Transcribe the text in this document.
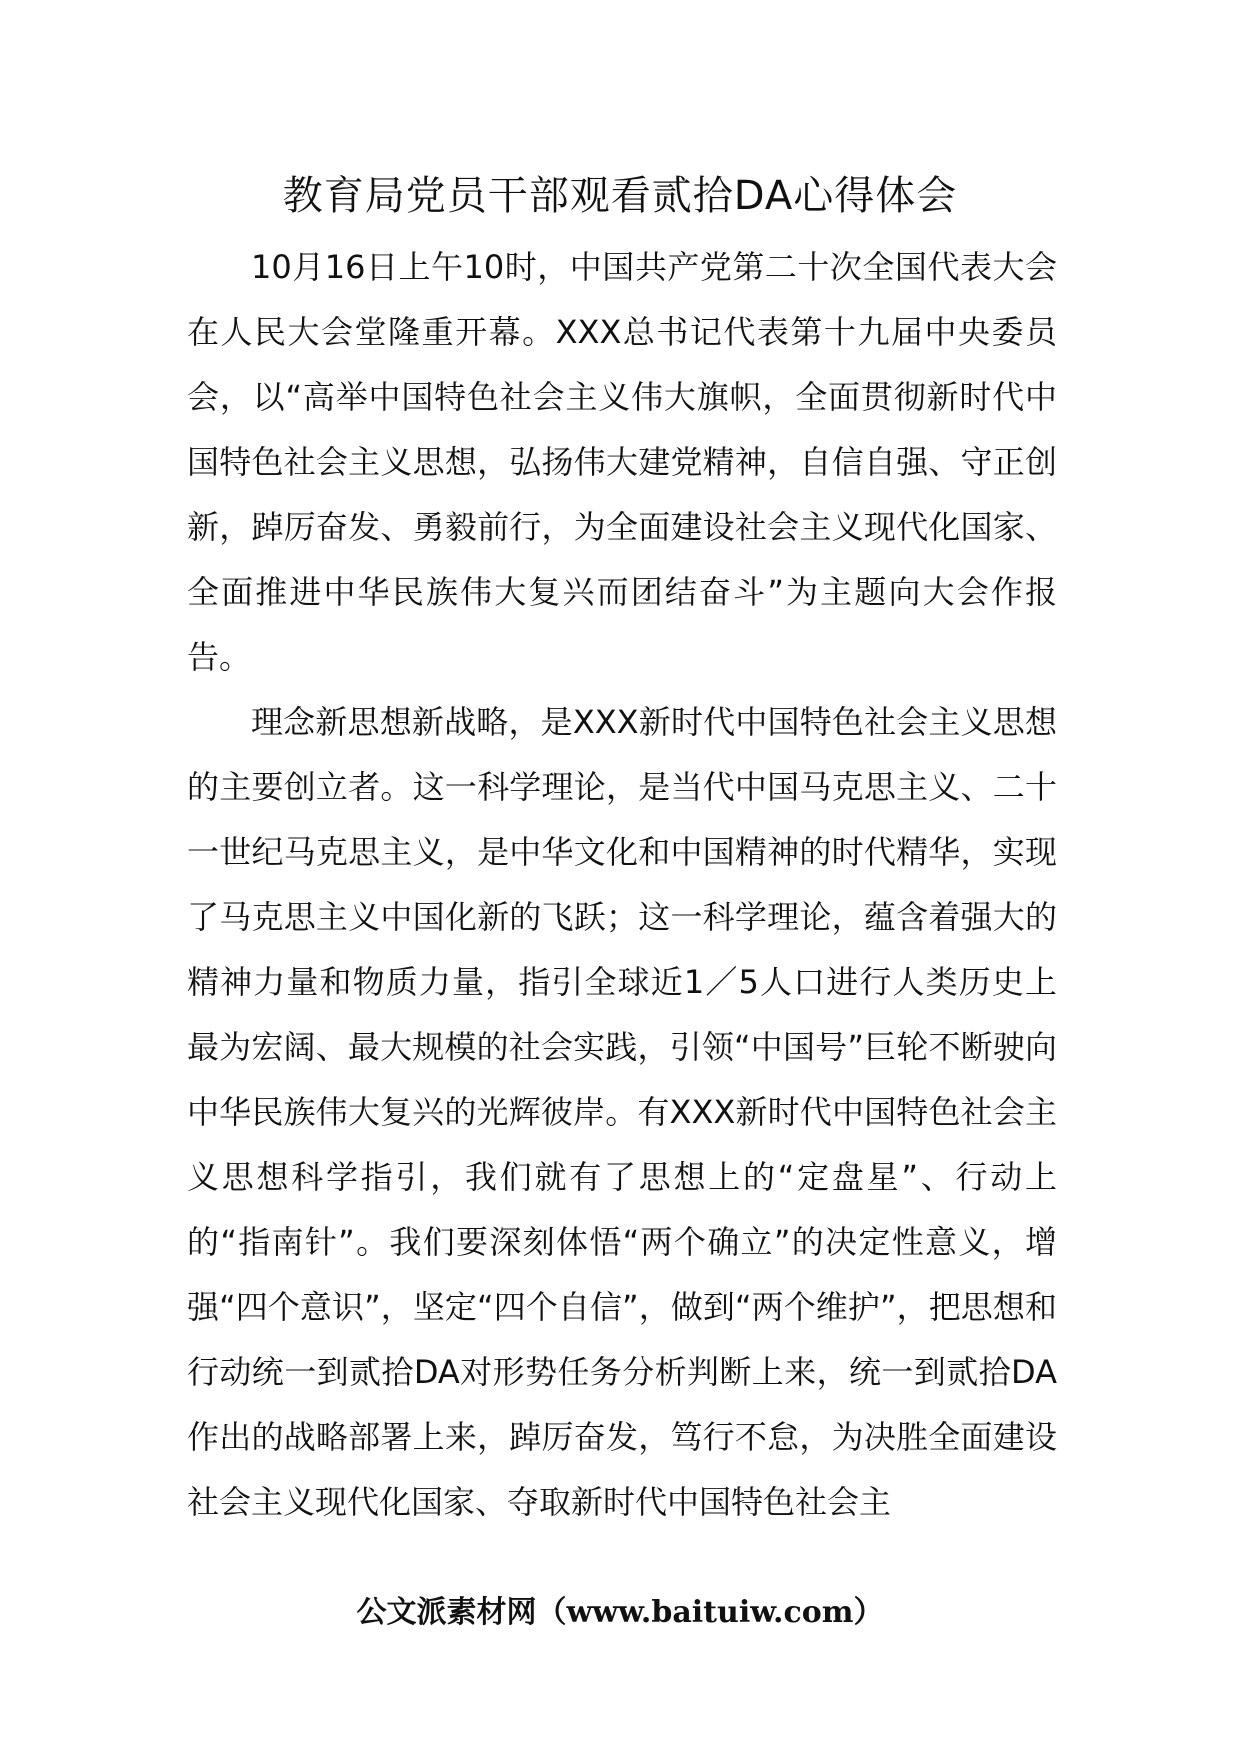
教育局党员干部观看贰拾DA心得体会

10月16日上午10时，中国共产党第二十次全国代表大会在人民大会堂隆重开幕。XXX总书记代表第十九届中央委员会，以“高举中国特色社会主义伟大旗帜，全面贯彻新时代中国特色社会主义思想，弘扬伟大建党精神，自信自强、守正创新，踔厉奋发、勇毅前行，为全面建设社会主义现代化国家、全面推进中华民族伟大复兴而团结奋斗”为主题向大会作报告。

理念新思想新战略，是XXX新时代中国特色社会主义思想的主要创立者。这一科学理论，是当代中国马克思主义、二十一世纪马克思主义，是中华文化和中国精神的时代精华，实现了马克思主义中国化新的飞跃；这一科学理论，蕴含着强大的精神力量和物质力量，指引全球近1／5人口进行人类历史上最为宏阔、最大规模的社会实践，引领“中国号”巨轮不断驶向中华民族伟大复兴的光辉彼岸。有XXX新时代中国特色社会主义思想科学指引，我们就有了思想上的“定盘星”、行动上的“指南针”。我们要深刻体悟“两个确立”的决定性意义，增强“四个意识”，坚定“四个自信”，做到“两个维护”，把思想和行动统一到贰拾DA对形势任务分析判断上来，统一到贰拾DA作出的战略部署上来，踔厉奋发，笃行不怠，为决胜全面建设社会主义现代化国家、夺取新时代中国特色社会主

公文派素材网（www.baituiw.com）
